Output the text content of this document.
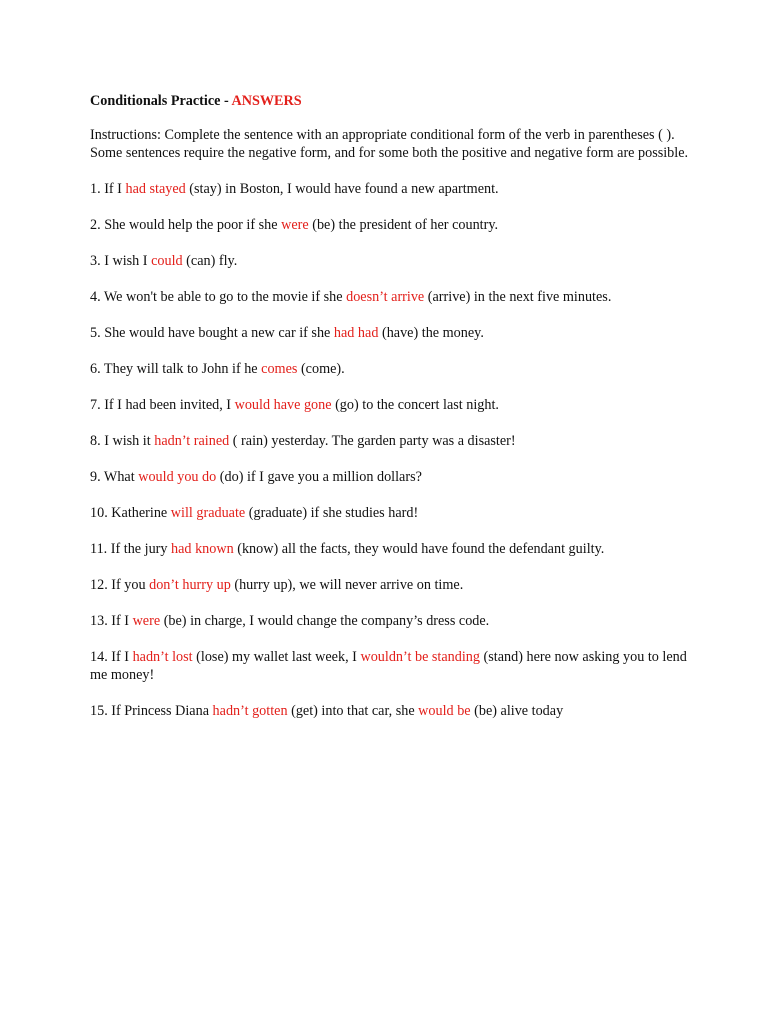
Conditionals Practice - ANSWERS
Instructions: Complete the sentence with an appropriate conditional form of the verb in parentheses ( ). Some sentences require the negative form, and for some both the positive and negative form are possible.
1. If I had stayed (stay) in Boston, I would have found a new apartment.
2. She would help the poor if she were (be) the president of her country.
3. I wish I could (can) fly.
4. We won't be able to go to the movie if she doesn’t arrive (arrive) in the next five minutes.
5. She would have bought a new car if she had had (have) the money.
6. They will talk to John if he comes (come).
7. If I had been invited, I would have gone (go) to the concert last night.
8. I wish it hadn’t rained ( rain) yesterday. The garden party was a disaster!
9. What would you do (do) if I gave you a million dollars?
10. Katherine will graduate (graduate) if she studies hard!
11. If the jury had known (know) all the facts, they would have found the defendant guilty.
12. If you don’t hurry up (hurry up), we will never arrive on time.
13. If I were (be) in charge, I would change the company’s dress code.
14. If I hadn’t lost (lose) my wallet last week, I wouldn’t be standing (stand) here now asking you to lend me money!
15. If Princess Diana hadn’t gotten (get) into that car, she would be (be) alive today
